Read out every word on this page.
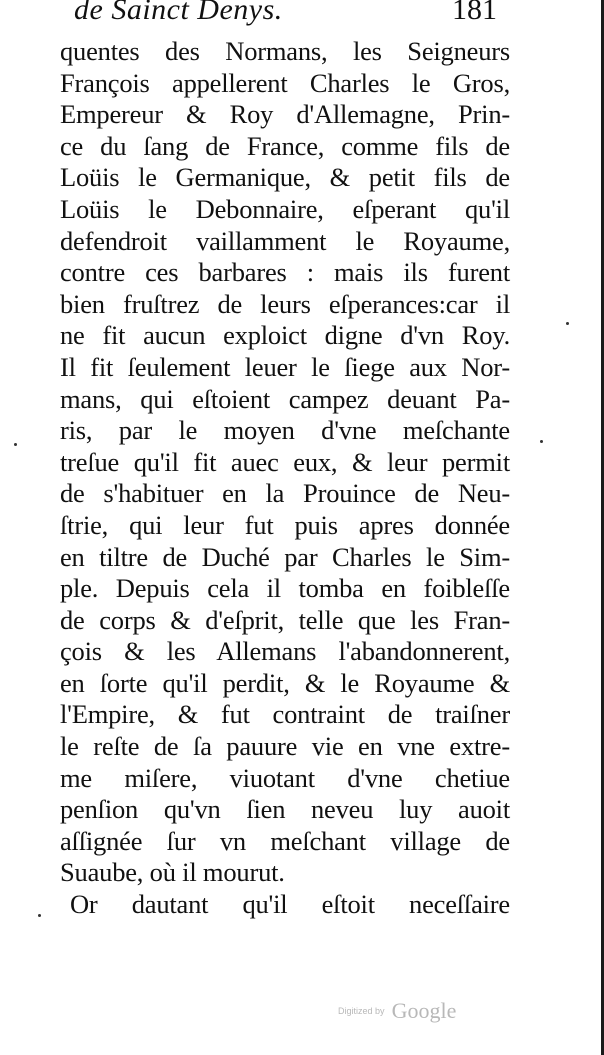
de Sainct Denys.	181
quentes des Normans, les Seigneurs
François appellerent Charles le Gros,
Empereur & Roy d'Allemagne, Prin-
ce du ſang de France, comme fils de
Loüis le Germanique, & petit fils de
Loüis le Debonnaire, eſperant qu'il
defendroit vaillamment le Royaume,
contre ces barbares : mais ils furent
bien fruſtrez de leurs eſperances:car il
ne fit aucun exploict digne d'vn Roy.
Il fit ſeulement leuer le ſiege aux Nor-
mans, qui eſtoient campez deuant Pa-
ris, par le moyen d'vne meſchante
treſue qu'il fit auec eux, & leur permit
de s'habituer en la Prouince de Neu-
ſtrie, qui leur fut puis apres donnée
en tiltre de Duché par Charles le Sim-
ple. Depuis cela il tomba en foibleſſe
de corps & d'eſprit, telle que les Fran-
çois & les Allemans l'abandonnerent,
en ſorte qu'il perdit, & le Royaume &
l'Empire, & fut contraint de traiſner
le reſte de ſa pauure vie en vne extre-
me miſere, viuotant d'vne chetiue
penſion qu'vn ſien neveu luy auoit
aſſignée ſur vn meſchant village de
Suaube, où il mourut.
Or dautant qu'il eſtoit neceſſaire
Digitized by Google
